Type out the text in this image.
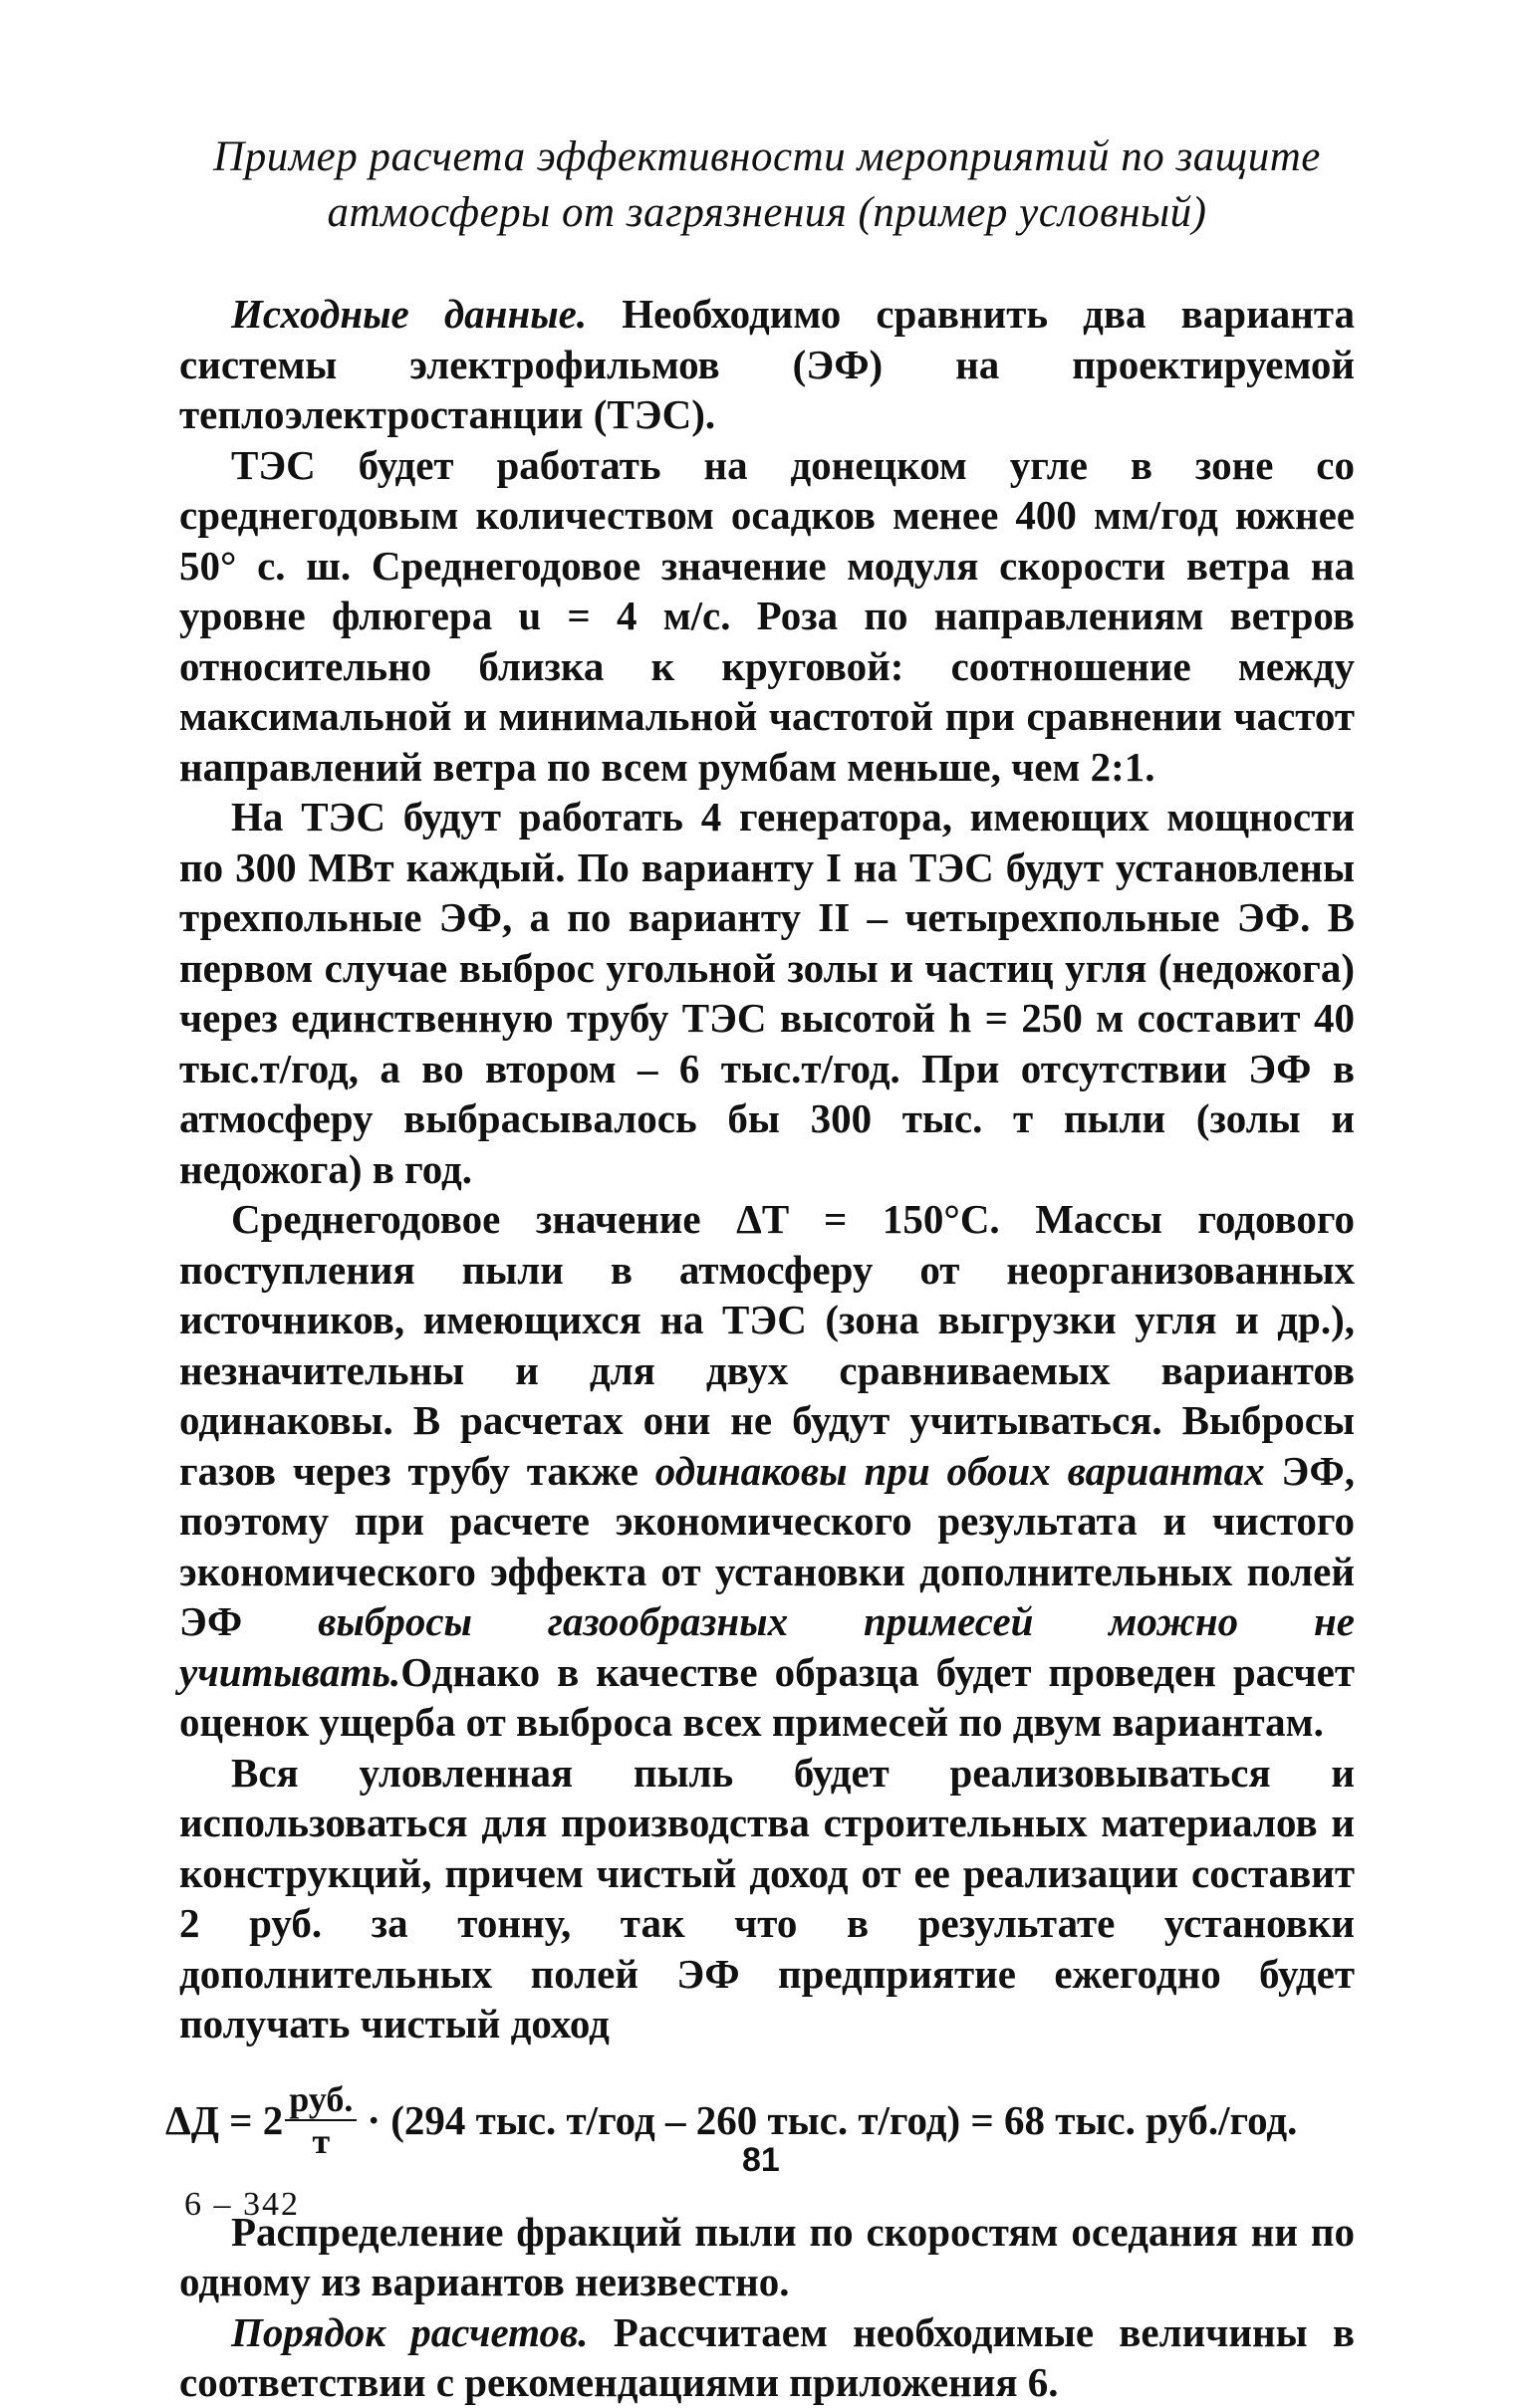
Пример расчета эффективности мероприятий по защите
атмосферы от загрязнения (пример условный)

Исходные данные. Необходимо сравнить два варианта системы электрофильмов (ЭФ) на проектируемой теплоэлектростанции (ТЭС).

ТЭС будет работать на донецком угле в зоне со среднегодовым количеством осадков менее 400 мм/год южнее 50° с. ш. Среднегодовое значение модуля скорости ветра на уровне флюгера u = 4 м/с. Роза по направлениям ветров относительно близка к круговой: соотношение между максимальной и минимальной частотой при сравнении частот направлений ветра по всем румбам меньше, чем 2:1.

На ТЭС будут работать 4 генератора, имеющих мощности по 300 МВт каждый. По варианту I на ТЭС будут установлены трехпольные ЭФ, а по варианту II – четырехпольные ЭФ. В первом случае выброс угольной золы и частиц угля (недожога) через единственную трубу ТЭС высотой h = 250 м составит 40 тыс.т/год, а во втором – 6 тыс.т/год. При отсутствии ЭФ в атмосферу выбрасывалось бы 300 тыс. т пыли (золы и недожога) в год.

Среднегодовое значение ΔT = 150°C. Массы годового поступления пыли в атмосферу от неорганизованных источников, имеющихся на ТЭС (зона выгрузки угля и др.), незначительны и для двух сравниваемых вариантов одинаковы. В расчетах они не будут учитываться. Выбросы газов через трубу также одинаковы при обоих вариантах ЭФ, поэтому при расчете экономического результата и чистого экономического эффекта от установки дополнительных полей ЭФ выбросы газообразных примесей можно не учитывать.Однако в качестве образца будет проведен расчет оценок ущерба от выброса всех примесей по двум вариантам.

Вся уловленная пыль будет реализовываться и использоваться для производства строительных материалов и конструкций, причем чистый доход от ее реализации составит 2 руб. за тонну, так что в результате установки дополнительных полей ЭФ предприятие ежегодно будет получать чистый доход

$\Delta Д = 2 \frac{\text{руб.}}{т} \cdot (294$ тыс. т/год – 260 тыс. т/год) = 68 тыс. руб./год.

Распределение фракций пыли по скоростям оседания ни по одному из вариантов неизвестно.

Порядок расчетов. Рассчитаем необходимые величины в соответствии с рекомендациями приложения 6.

81
6 – 342
